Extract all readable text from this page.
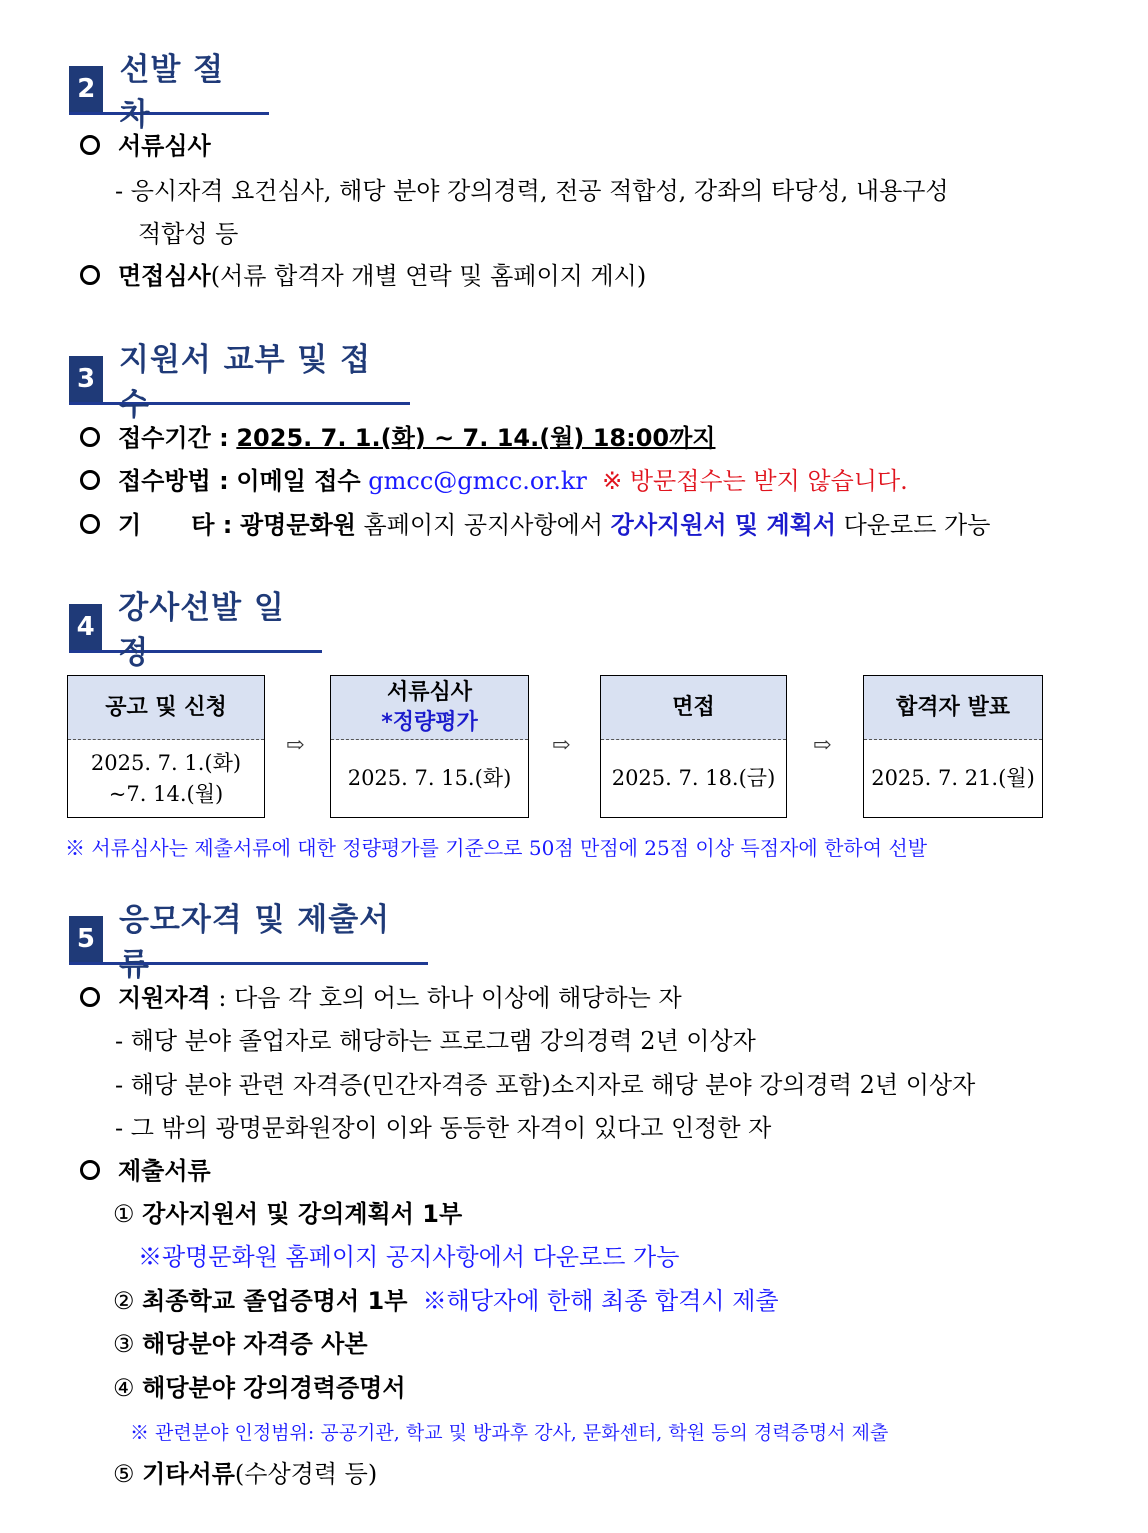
2
선발 절차
서류심사
- 응시자격 요건심사, 해당 분야 강의경력, 전공 적합성, 강좌의 타당성, 내용구성
적합성 등
면접심사(서류 합격자 개별 연락 및 홈페이지 게시)
3
지원서 교부 및 접수
접수기간 : 2025. 7. 1.(화) ~ 7. 14.(월) 18:00까지
접수방법 : 이메일 접수 gmcc@gmcc.or.kr ※ 방문접수는 받지 않습니다.
기 타 : 광명문화원 홈페이지 공지사항에서 강사지원서 및 계획서 다운로드 가능
4
강사선발 일정
공고 및 신청
2025. 7. 1.(화)
~7. 14.(월)
⇨
서류심사
*정량평가
2025. 7. 15.(화)
⇨
면접
2025. 7. 18.(금)
⇨
합격자 발표
2025. 7. 21.(월)
※ 서류심사는 제출서류에 대한 정량평가를 기준으로 50점 만점에 25점 이상 득점자에 한하여 선발
5
응모자격 및 제출서류
지원자격 : 다음 각 호의 어느 하나 이상에 해당하는 자
- 해당 분야 졸업자로 해당하는 프로그램 강의경력 2년 이상자
- 해당 분야 관련 자격증(민간자격증 포함)소지자로 해당 분야 강의경력 2년 이상자
- 그 밖의 광명문화원장이 이와 동등한 자격이 있다고 인정한 자
제출서류
① 강사지원서 및 강의계획서 1부
※광명문화원 홈페이지 공지사항에서 다운로드 가능
② 최종학교 졸업증명서 1부 ※해당자에 한해 최종 합격시 제출
③ 해당분야 자격증 사본
④ 해당분야 강의경력증명서
※ 관련분야 인정범위: 공공기관, 학교 및 방과후 강사, 문화센터, 학원 등의 경력증명서 제출
⑤ 기타서류(수상경력 등)
